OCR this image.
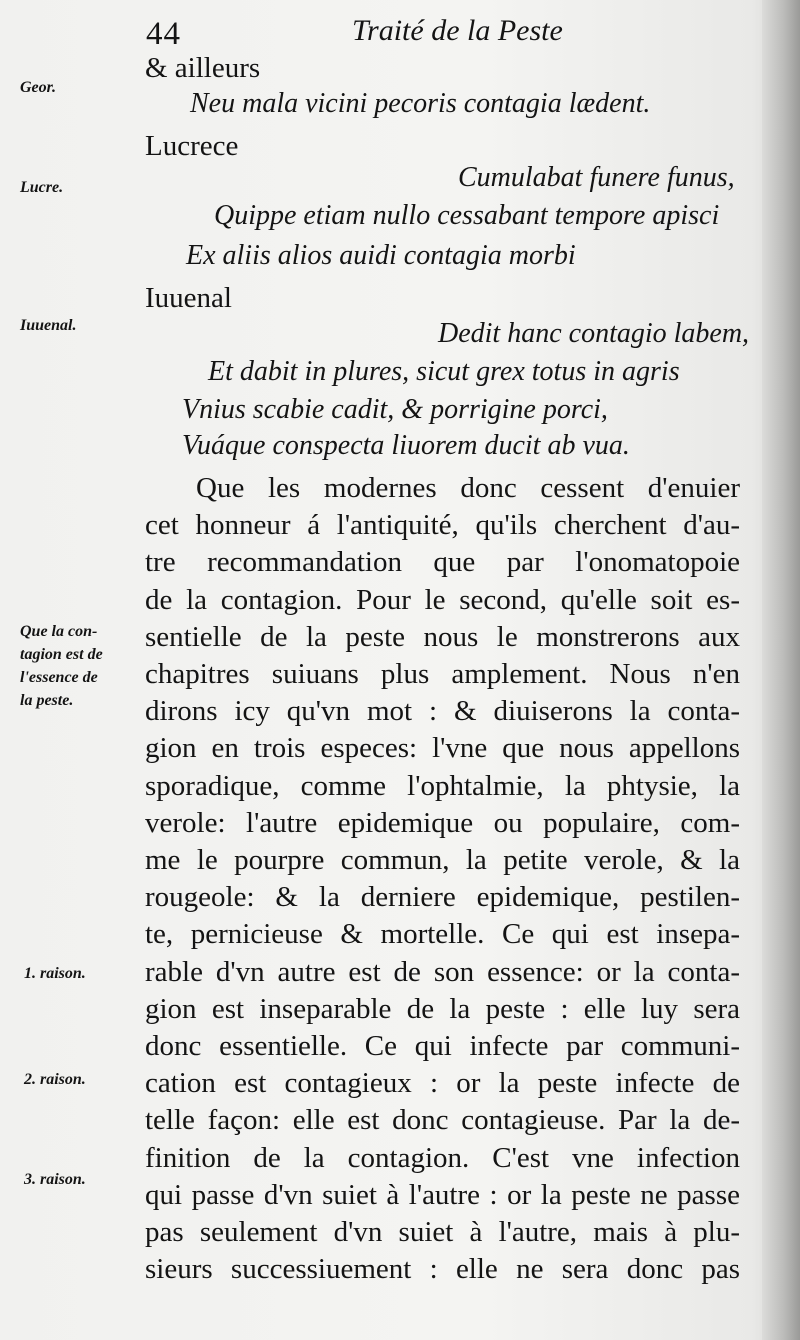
44	Traité de la Peste
Geor.
Lucre.
Iuuenal.
Que la con-
tagion est de
l'essence de
la peste.
1. raison.
2. raison.
3. raison.
& ailleurs
Neu mala vicini pecoris contagia lædent.
Lucrece
Cumulabat funere funus,
Quippe etiam nullo cessabant tempore apisci
Ex aliis alios auidi contagia morbi
Iuuenal
Dedit hanc contagio labem,
Et dabit in plures, sicut grex totus in agris
Vnius scabie cadit, & porrigine porci,
Vuáque conspecta liuorem ducit ab vua.
Que les modernes donc cessent d'enuier
cet honneur á l'antiquité, qu'ils cherchent d'au-
tre recommandation que par l'onomatopoie
de la contagion. Pour le second, qu'elle soit es-
sentielle de la peste nous le monstrerons aux
chapitres suiuans plus amplement. Nous n'en
dirons icy qu'vn mot : & diuiserons la conta-
gion en trois especes: l'vne que nous appellons
sporadique, comme l'ophtalmie, la phtysie, la
verole: l'autre epidemique ou populaire, com-
me le pourpre commun, la petite verole, & la
rougeole: & la derniere epidemique, pestilen-
te, pernicieuse & mortelle. Ce qui est insepa-
rable d'vn autre est de son essence: or la conta-
gion est inseparable de la peste : elle luy sera
donc essentielle. Ce qui infecte par communi-
cation est contagieux : or la peste infecte de
telle façon: elle est donc contagieuse. Par la de-
finition de la contagion. C'est vne infection
qui passe d'vn suiet à l'autre : or la peste ne passe
pas seulement d'vn suiet à l'autre, mais à plu-
sieurs successiuement : elle ne sera donc pas
